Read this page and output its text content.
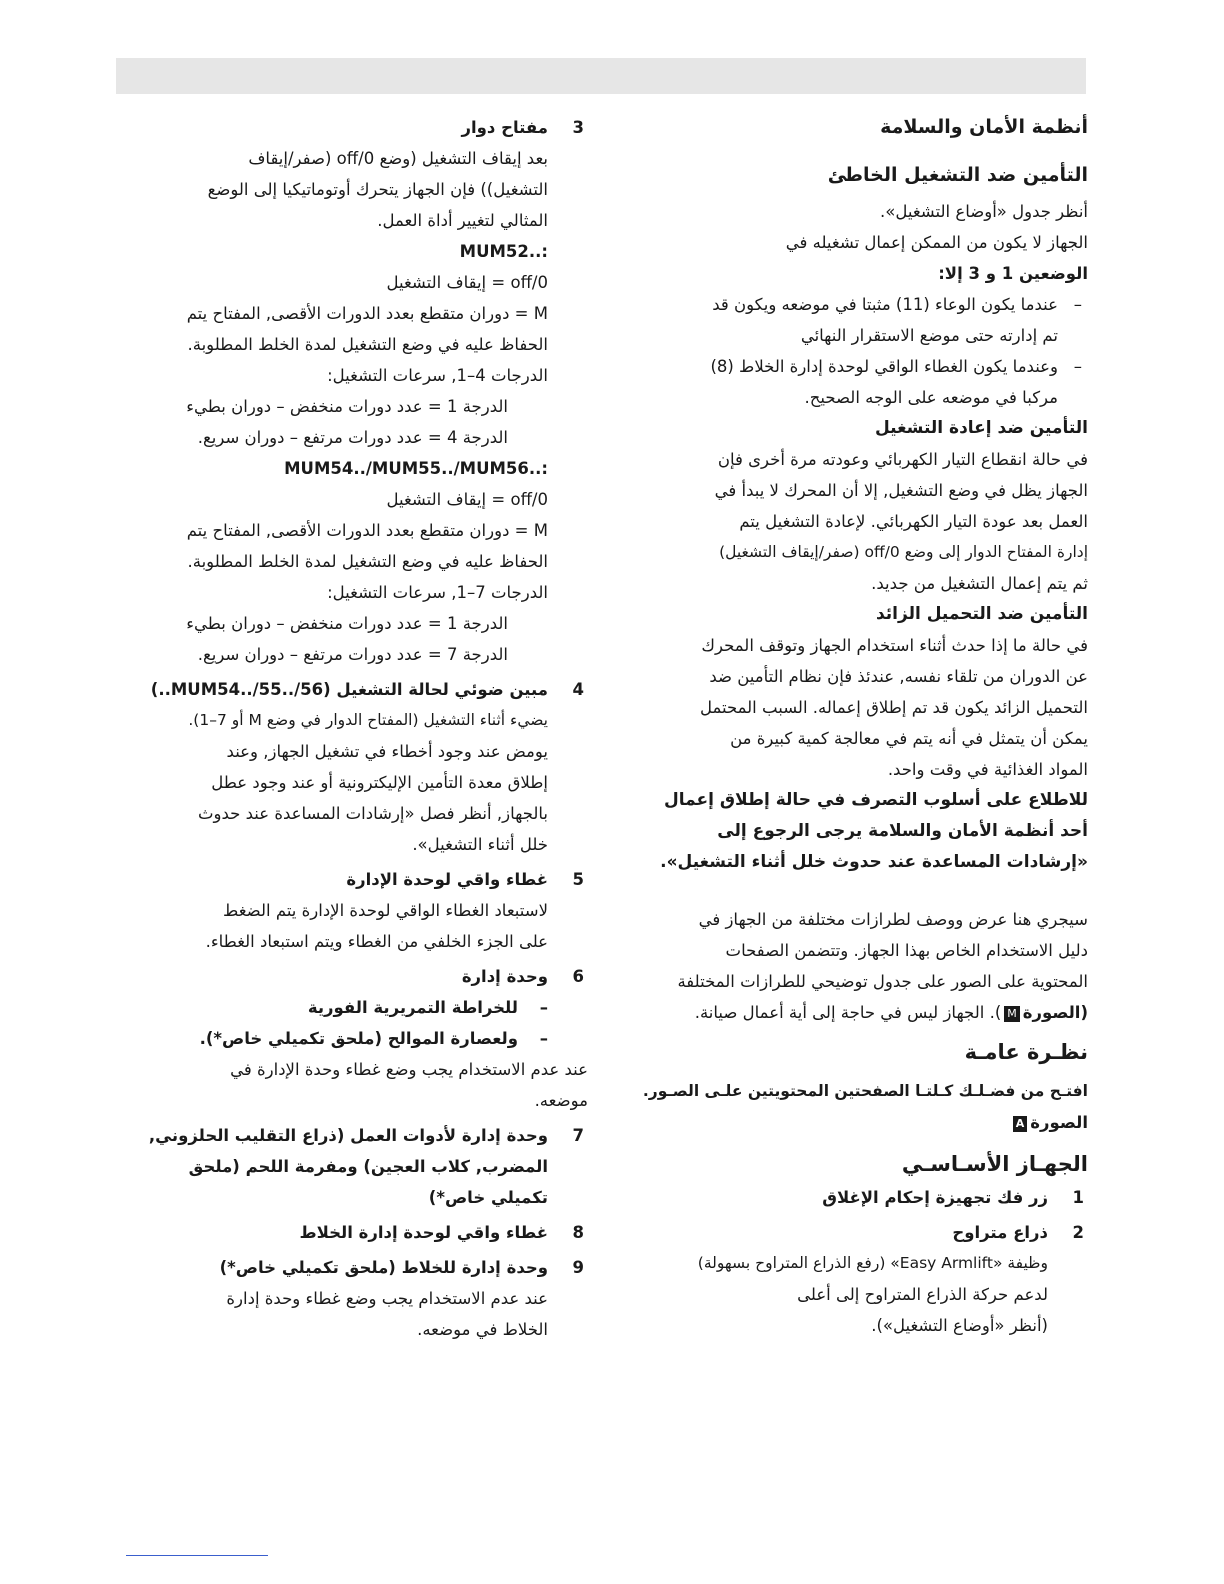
أنظمة الأمان والسلامة

التأمين ضد التشغيل الخاطئ

أنظر جدول «أوضاع التشغيل».

الجهاز لا يكون من الممكن إعمال تشغيله في

الوضعين 1 و 3 إلا:

– عندما يكون الوعاء (11) مثبتا في موضعه ويكون قد

تم إدارته حتى موضع الاستقرار النهائي

– وعندما يكون الغطاء الواقي لوحدة إدارة الخلاط (8)

مركبا في موضعه على الوجه الصحيح.

التأمين ضد إعادة التشغيل

في حالة انقطاع التيار الكهربائي وعودته مرة أخرى فإن

الجهاز يظل في وضع التشغيل, إلا أن المحرك لا يبدأ في

العمل بعد عودة التيار الكهربائي. لإعادة التشغيل يتم

إدارة المفتاح الدوار إلى وضع off/0 (صفر/إيقاف التشغيل)

ثم يتم إعمال التشغيل من جديد.

التأمين ضد التحميل الزائد

في حالة ما إذا حدث أثناء استخدام الجهاز وتوقف المحرك

عن الدوران من تلقاء نفسه, عندئذ فإن نظام التأمين ضد

التحميل الزائد يكون قد تم إطلاق إعماله. السبب المحتمل

يمكن أن يتمثل في أنه يتم في معالجة كمية كبيرة من

المواد الغذائية في وقت واحد.

للاطلاع على أسلوب التصرف في حالة إطلاق إعمال

أحد أنظمة الأمان والسلامة يرجى الرجوع إلى

«إرشادات المساعدة عند حدوث خلل أثناء التشغيل».

سيجري هنا عرض ووصف لطرازات مختلفة من الجهاز في

دليل الاستخدام الخاص بهذا الجهاز. وتتضمن الصفحات

المحتوية على الصور على جدول توضيحي للطرازات المختلفة

(الصورةM). الجهاز ليس في حاجة إلى أية أعمال صيانة.

نظـرة عامـة

افتـح من فضـلـك كـلتـا الصفحتين المحتويتين علـى الصـور.

الصورةA

الجهـاز الأسـاسـي

1

زر فك تجهيزة إحكام الإغلاق

2

ذراع متراوح

وظيفة «Easy Armlift» (رفع الذراع المتراوح بسهولة)

لدعم حركة الذراع المتراوح إلى أعلى

(أنظر «أوضاع التشغيل»).

3

مفتاح دوار

بعد إيقاف التشغيل (وضع off/0 (صفر/إيقاف

التشغيل)) فإن الجهاز يتحرك أوتوماتيكيا إلى الوضع

المثالي لتغيير أداة العمل.

MUM52..:

off/0 = إيقاف التشغيل

M = دوران متقطع بعدد الدورات الأقصى, المفتاح يتم

الحفاظ عليه في وضع التشغيل لمدة الخلط المطلوبة.

الدرجات 4–1, سرعات التشغيل:

الدرجة 1 = عدد دورات منخفض – دوران بطيء

الدرجة 4 = عدد دورات مرتفع – دوران سريع.

MUM54../MUM55../MUM56..:

off/0 = إيقاف التشغيل

M = دوران متقطع بعدد الدورات الأقصى, المفتاح يتم

الحفاظ عليه في وضع التشغيل لمدة الخلط المطلوبة.

الدرجات 7–1, سرعات التشغيل:

الدرجة 1 = عدد دورات منخفض – دوران بطيء

الدرجة 7 = عدد دورات مرتفع – دوران سريع.

4

مبين ضوئي لحالة التشغيل (MUM54../55../56..)

يضيء أثناء التشغيل (المفتاح الدوار في وضع M أو 7–1).

يومض عند وجود أخطاء في تشغيل الجهاز, وعند

إطلاق معدة التأمين الإليكترونية أو عند وجود عطل

بالجهاز, أنظر فصل «إرشادات المساعدة عند حدوث

خلل أثناء التشغيل».

5

غطاء واقي لوحدة الإدارة

لاستبعاد الغطاء الواقي لوحدة الإدارة يتم الضغط

على الجزء الخلفي من الغطاء ويتم استبعاد الغطاء.

6

وحدة إدارة

– للخراطة التمريرية الفورية

– ولعصارة الموالح (ملحق تكميلي خاص*).

عند عدم الاستخدام يجب وضع غطاء وحدة الإدارة في

موضعه.

7

وحدة إدارة لأدوات العمل (ذراع التقليب الحلزوني,

المضرب, كلاب العجين) ومفرمة اللحم (ملحق

تكميلي خاص*)

8

غطاء واقي لوحدة إدارة الخلاط

9

وحدة إدارة للخلاط (ملحق تكميلي خاص*)

عند عدم الاستخدام يجب وضع غطاء وحدة إدارة

الخلاط في موضعه.
